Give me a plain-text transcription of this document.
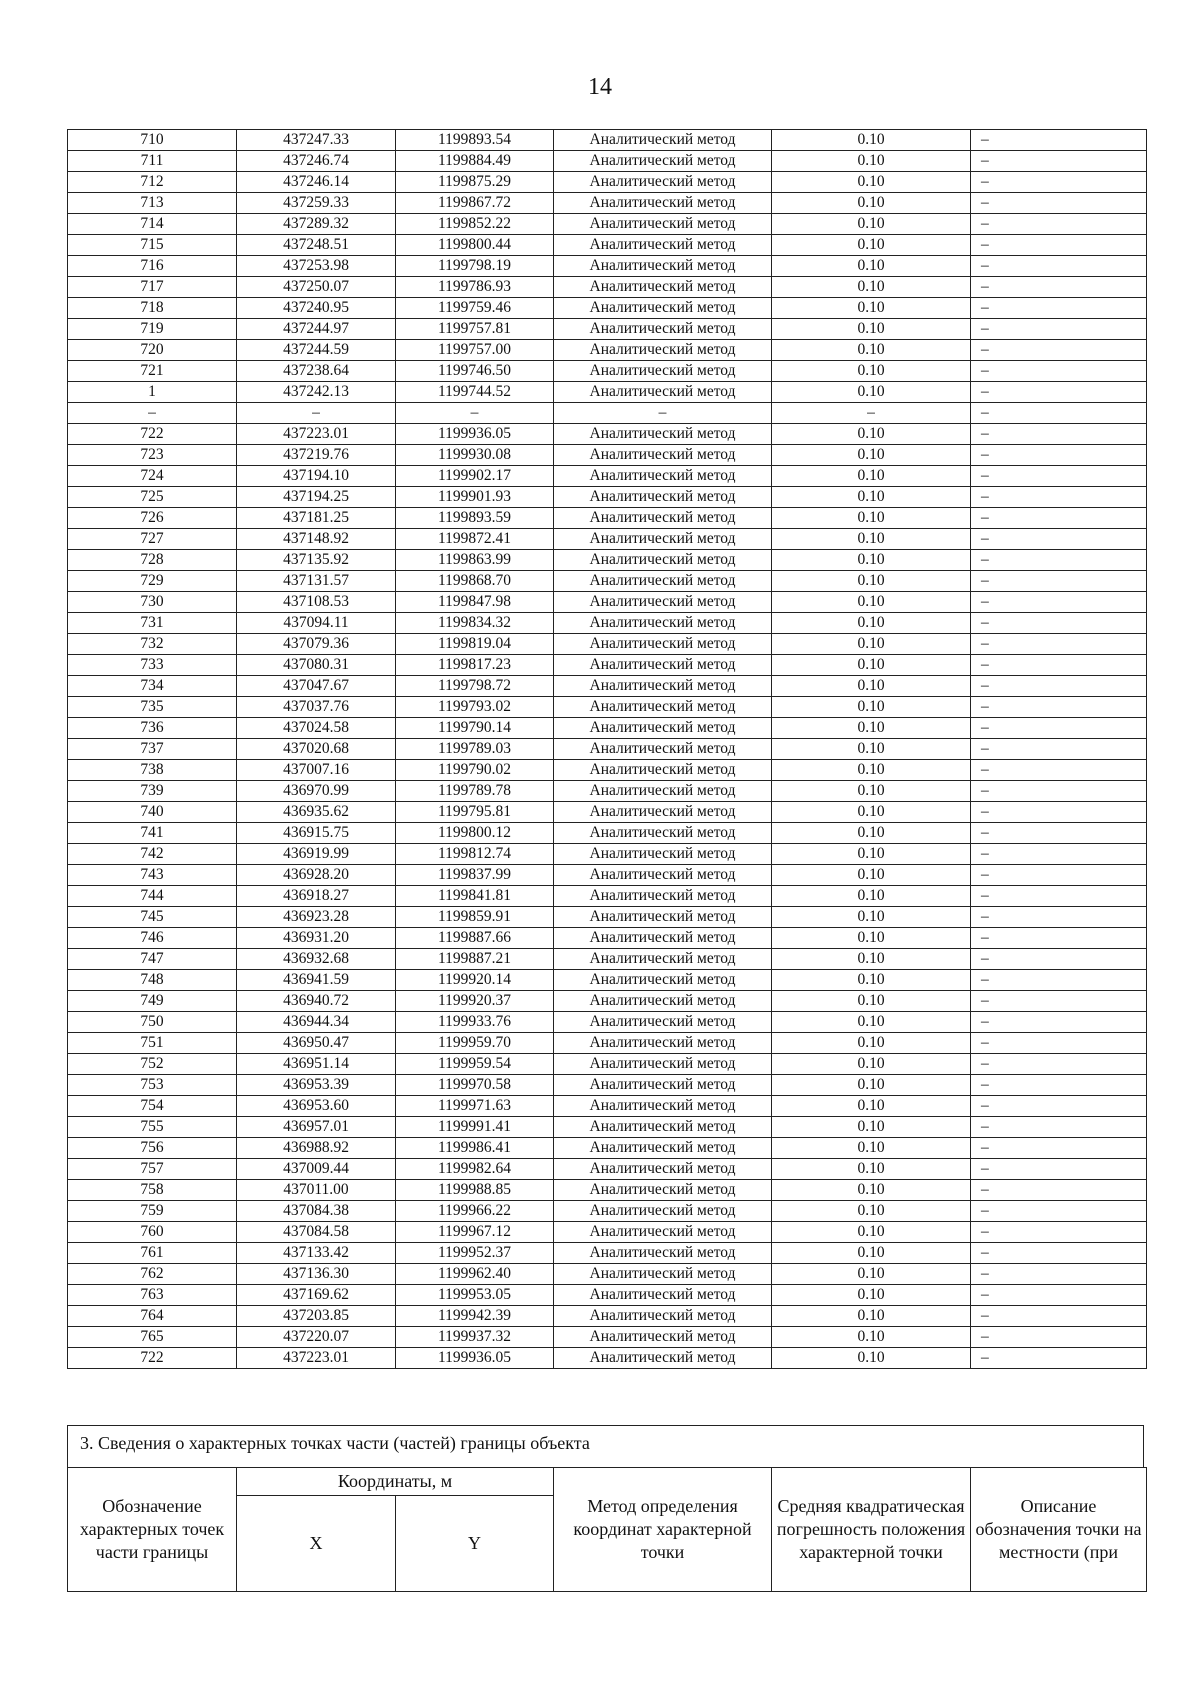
14
710	437247.33	1199893.54	Аналитический метод	0.10	–
711	437246.74	1199884.49	Аналитический метод	0.10	–
712	437246.14	1199875.29	Аналитический метод	0.10	–
713	437259.33	1199867.72	Аналитический метод	0.10	–
714	437289.32	1199852.22	Аналитический метод	0.10	–
715	437248.51	1199800.44	Аналитический метод	0.10	–
716	437253.98	1199798.19	Аналитический метод	0.10	–
717	437250.07	1199786.93	Аналитический метод	0.10	–
718	437240.95	1199759.46	Аналитический метод	0.10	–
719	437244.97	1199757.81	Аналитический метод	0.10	–
720	437244.59	1199757.00	Аналитический метод	0.10	–
721	437238.64	1199746.50	Аналитический метод	0.10	–
1	437242.13	1199744.52	Аналитический метод	0.10	–
–	–	–	–	–	–
722	437223.01	1199936.05	Аналитический метод	0.10	–
723	437219.76	1199930.08	Аналитический метод	0.10	–
724	437194.10	1199902.17	Аналитический метод	0.10	–
725	437194.25	1199901.93	Аналитический метод	0.10	–
726	437181.25	1199893.59	Аналитический метод	0.10	–
727	437148.92	1199872.41	Аналитический метод	0.10	–
728	437135.92	1199863.99	Аналитический метод	0.10	–
729	437131.57	1199868.70	Аналитический метод	0.10	–
730	437108.53	1199847.98	Аналитический метод	0.10	–
731	437094.11	1199834.32	Аналитический метод	0.10	–
732	437079.36	1199819.04	Аналитический метод	0.10	–
733	437080.31	1199817.23	Аналитический метод	0.10	–
734	437047.67	1199798.72	Аналитический метод	0.10	–
735	437037.76	1199793.02	Аналитический метод	0.10	–
736	437024.58	1199790.14	Аналитический метод	0.10	–
737	437020.68	1199789.03	Аналитический метод	0.10	–
738	437007.16	1199790.02	Аналитический метод	0.10	–
739	436970.99	1199789.78	Аналитический метод	0.10	–
740	436935.62	1199795.81	Аналитический метод	0.10	–
741	436915.75	1199800.12	Аналитический метод	0.10	–
742	436919.99	1199812.74	Аналитический метод	0.10	–
743	436928.20	1199837.99	Аналитический метод	0.10	–
744	436918.27	1199841.81	Аналитический метод	0.10	–
745	436923.28	1199859.91	Аналитический метод	0.10	–
746	436931.20	1199887.66	Аналитический метод	0.10	–
747	436932.68	1199887.21	Аналитический метод	0.10	–
748	436941.59	1199920.14	Аналитический метод	0.10	–
749	436940.72	1199920.37	Аналитический метод	0.10	–
750	436944.34	1199933.76	Аналитический метод	0.10	–
751	436950.47	1199959.70	Аналитический метод	0.10	–
752	436951.14	1199959.54	Аналитический метод	0.10	–
753	436953.39	1199970.58	Аналитический метод	0.10	–
754	436953.60	1199971.63	Аналитический метод	0.10	–
755	436957.01	1199991.41	Аналитический метод	0.10	–
756	436988.92	1199986.41	Аналитический метод	0.10	–
757	437009.44	1199982.64	Аналитический метод	0.10	–
758	437011.00	1199988.85	Аналитический метод	0.10	–
759	437084.38	1199966.22	Аналитический метод	0.10	–
760	437084.58	1199967.12	Аналитический метод	0.10	–
761	437133.42	1199952.37	Аналитический метод	0.10	–
762	437136.30	1199962.40	Аналитический метод	0.10	–
763	437169.62	1199953.05	Аналитический метод	0.10	–
764	437203.85	1199942.39	Аналитический метод	0.10	–
765	437220.07	1199937.32	Аналитический метод	0.10	–
722	437223.01	1199936.05	Аналитический метод	0.10	–
3. Сведения о характерных точках части (частей) границы объекта
Обозначение характерных точек части границы	Координаты, м		Метод определения координат характерной точки	Средняя квадратическая погрешность положения характерной точки	Описание обозначения точки на местности (при
	X	Y			
